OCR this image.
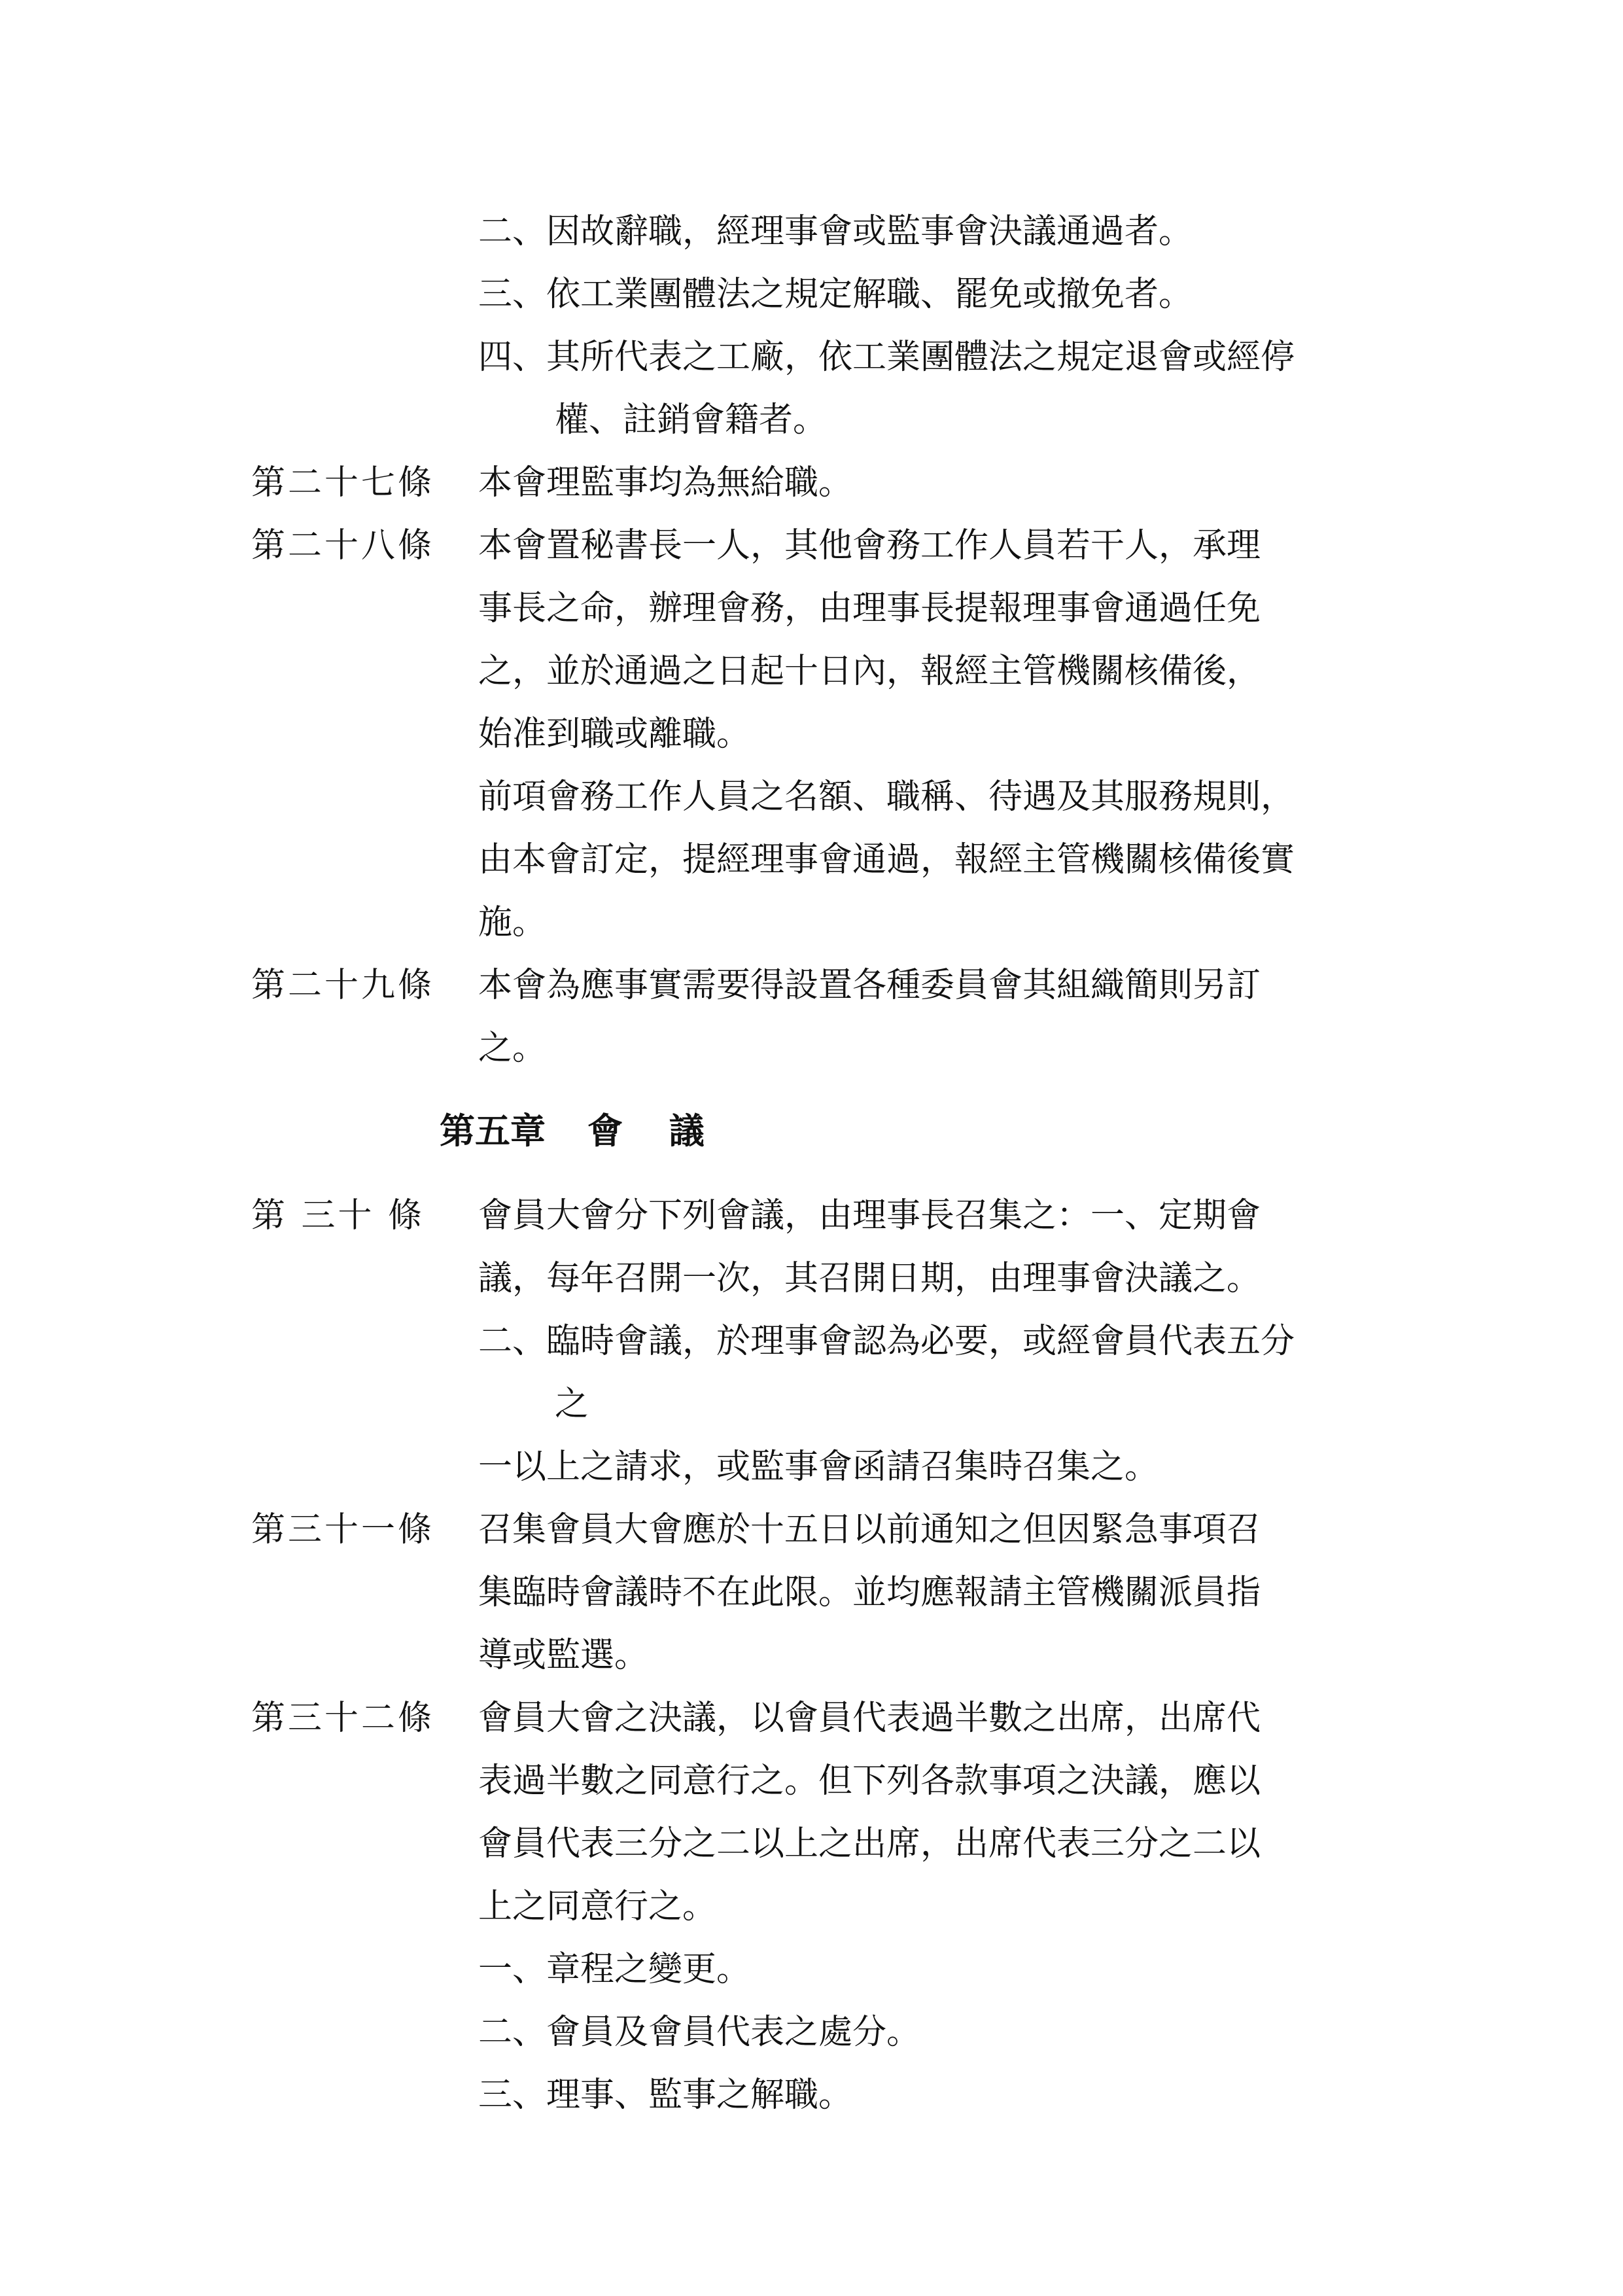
二、因故辭職，經理事會或監事會決議通過者。
三、依工業團體法之規定解職、罷免或撤免者。
四、其所代表之工廠，依工業團體法之規定退會或經停
權、註銷會籍者。
第二十七條 本會理監事均為無給職。
第二十八條 本會置秘書長一人，其他會務工作人員若干人，承理
事長之命，辦理會務，由理事長提報理事會通過任免
之，並於通過之日起十日內，報經主管機關核備後，
始准到職或離職。
前項會務工作人員之名額、職稱、待遇及其服務規則，
由本會訂定，提經理事會通過，報經主管機關核備後實
施。
第二十九條 本會為應事實需要得設置各種委員會其組織簡則另訂
之。
第五章 會 議
第 三十 條 會員大會分下列會議，由理事長召集之：一、定期會
議，每年召開一次，其召開日期，由理事會決議之。
二、臨時會議，於理事會認為必要，或經會員代表五分
之
一以上之請求，或監事會函請召集時召集之。
第三十一條 召集會員大會應於十五日以前通知之但因緊急事項召
集臨時會議時不在此限。並均應報請主管機關派員指
導或監選。
第三十二條 會員大會之決議，以會員代表過半數之出席，出席代
表過半數之同意行之。但下列各款事項之決議，應以
會員代表三分之二以上之出席，出席代表三分之二以
上之同意行之。
一、章程之變更。
二、會員及會員代表之處分。
三、理事、監事之解職。
